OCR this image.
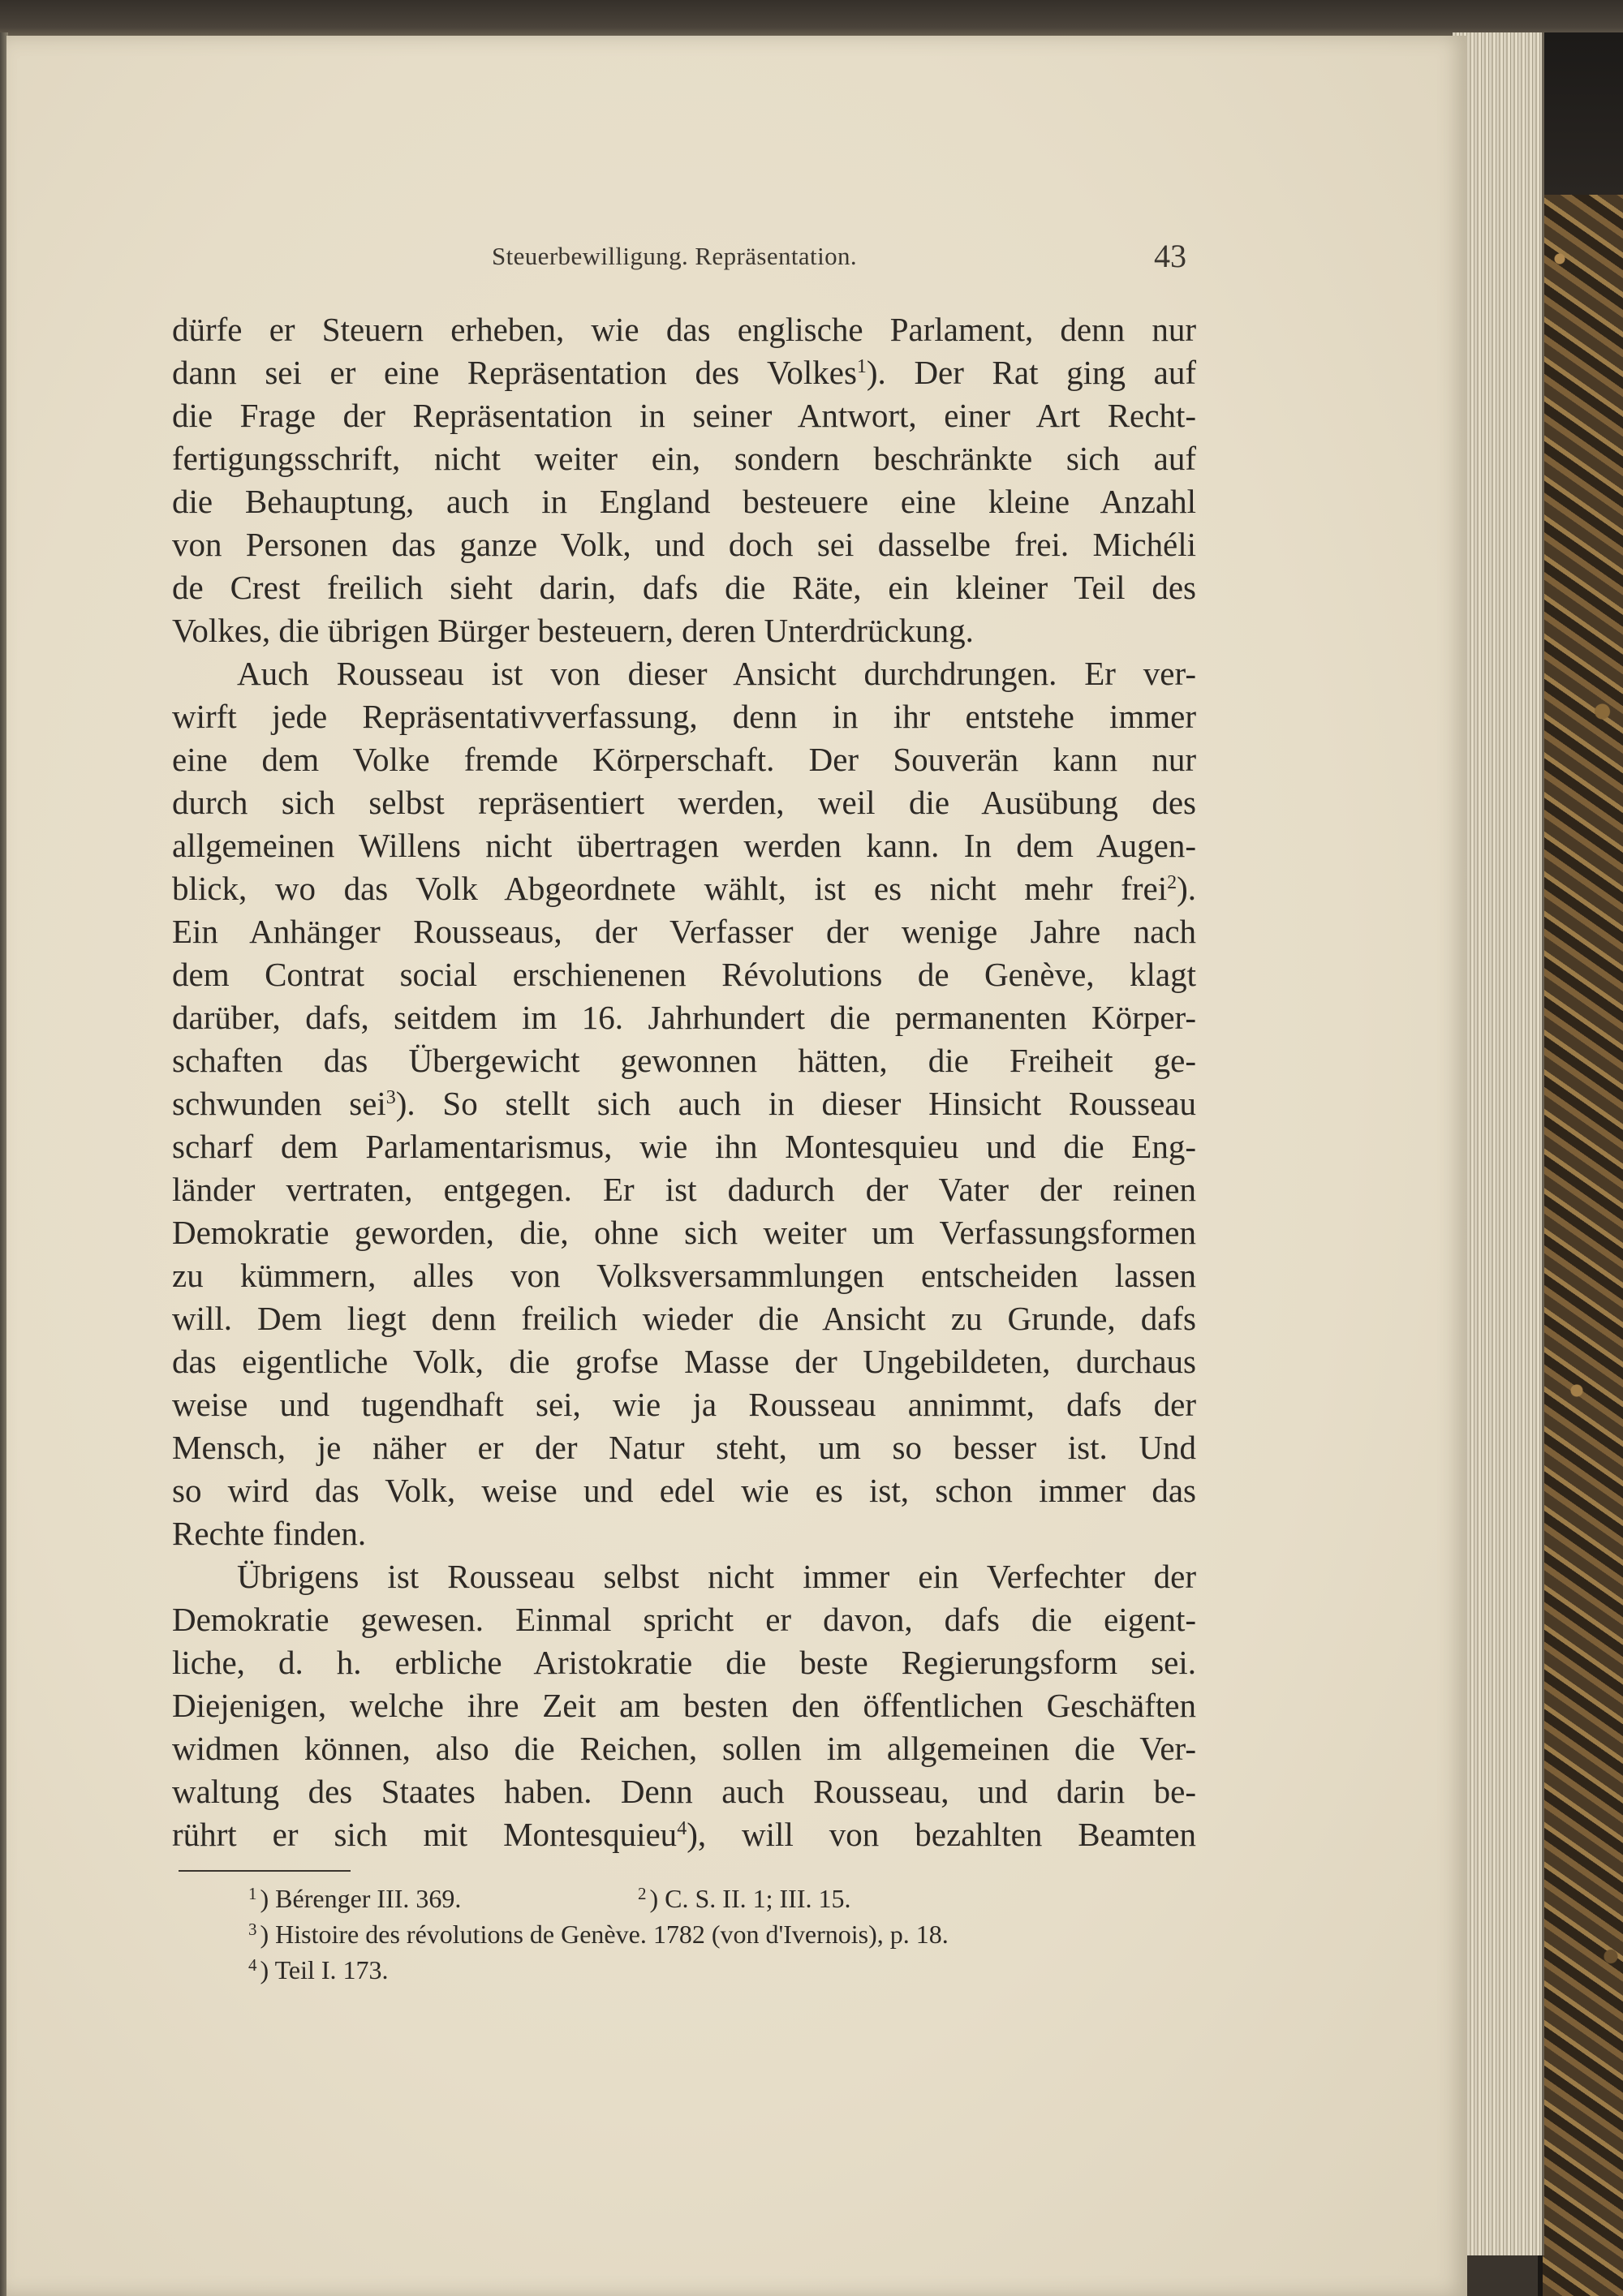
Steuerbewilligung. Repräsentation.	43
dürfe er Steuern erheben, wie das englische Parlament, denn nur
dann sei er eine Repräsentation des Volkes$^1$). Der Rat ging auf
die Frage der Repräsentation in seiner Antwort, einer Art Recht-
fertigungsschrift, nicht weiter ein, sondern beschränkte sich auf
die Behauptung, auch in England besteuere eine kleine Anzahl
von Personen das ganze Volk, und doch sei dasselbe frei. Michéli
de Crest freilich sieht darin, dafs die Räte, ein kleiner Teil des
Volkes, die übrigen Bürger besteuern, deren Unterdrückung.
Auch Rousseau ist von dieser Ansicht durchdrungen. Er ver-
wirft jede Repräsentativverfassung, denn in ihr entstehe immer
eine dem Volke fremde Körperschaft. Der Souverän kann nur
durch sich selbst repräsentiert werden, weil die Ausübung des
allgemeinen Willens nicht übertragen werden kann. In dem Augen-
blick, wo das Volk Abgeordnete wählt, ist es nicht mehr frei$^2$).
Ein Anhänger Rousseaus, der Verfasser der wenige Jahre nach
dem Contrat social erschienenen Révolutions de Genève, klagt
darüber, dafs, seitdem im 16. Jahrhundert die permanenten Körper-
schaften das Übergewicht gewonnen hätten, die Freiheit ge-
schwunden sei$^3$). So stellt sich auch in dieser Hinsicht Rousseau
scharf dem Parlamentarismus, wie ihn Montesquieu und die Eng-
länder vertraten, entgegen. Er ist dadurch der Vater der reinen
Demokratie geworden, die, ohne sich weiter um Verfassungsformen
zu kümmern, alles von Volksversammlungen entscheiden lassen
will. Dem liegt denn freilich wieder die Ansicht zu Grunde, dafs
das eigentliche Volk, die grofse Masse der Ungebildeten, durchaus
weise und tugendhaft sei, wie ja Rousseau annimmt, dafs der
Mensch, je näher er der Natur steht, um so besser ist. Und
so wird das Volk, weise und edel wie es ist, schon immer das
Rechte finden.
Übrigens ist Rousseau selbst nicht immer ein Verfechter der
Demokratie gewesen. Einmal spricht er davon, dafs die eigent-
liche, d. h. erbliche Aristokratie die beste Regierungsform sei.
Diejenigen, welche ihre Zeit am besten den öffentlichen Geschäften
widmen können, also die Reichen, sollen im allgemeinen die Ver-
waltung des Staates haben. Denn auch Rousseau, und darin be-
rührt er sich mit Montesquieu$^4$), will von bezahlten Beamten
$^1$ ) Bérenger III. 369.	$^2$ ) C. S. II. 1; III. 15.
$^3$ ) Histoire des révolutions de Genève. 1782 (von d'Ivernois), p. 18.
$^4$ ) Teil I. 173.
